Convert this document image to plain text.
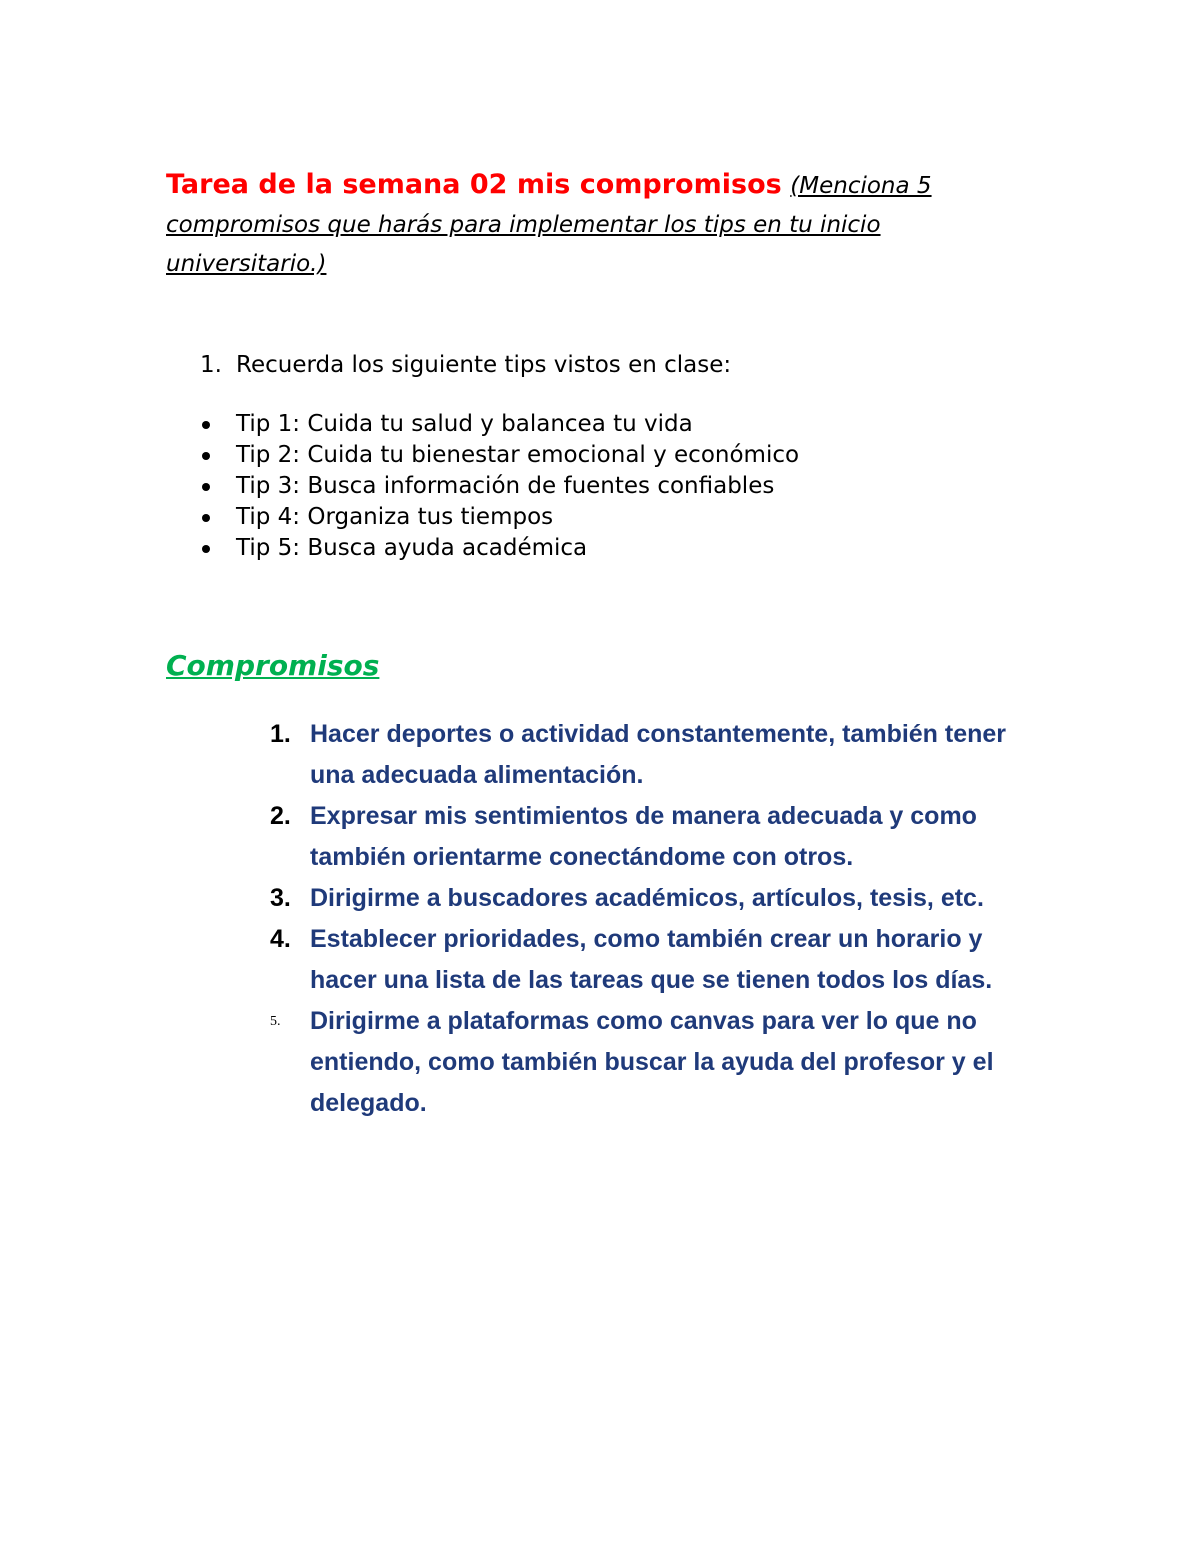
Tarea de la semana 02 mis compromisos (Menciona 5 compromisos que harás para implementar los tips en tu inicio universitario.)
1. Recuerda los siguiente tips vistos en clase:
Tip 1: Cuida tu salud y balancea tu vida
Tip 2: Cuida tu bienestar emocional y económico
Tip 3: Busca información de fuentes confiables
Tip 4: Organiza tus tiempos
Tip 5: Busca ayuda académica
Compromisos
1. Hacer deportes o actividad constantemente, también tener una adecuada alimentación.
2. Expresar mis sentimientos de manera adecuada y como también orientarme conectándome con otros.
3. Dirigirme a buscadores académicos, artículos, tesis, etc.
4. Establecer prioridades, como también crear un horario y hacer una lista de las tareas que se tienen todos los días.
5.	Dirigirme a plataformas como canvas para ver lo que no entiendo, como también buscar la ayuda del profesor y el delegado.
